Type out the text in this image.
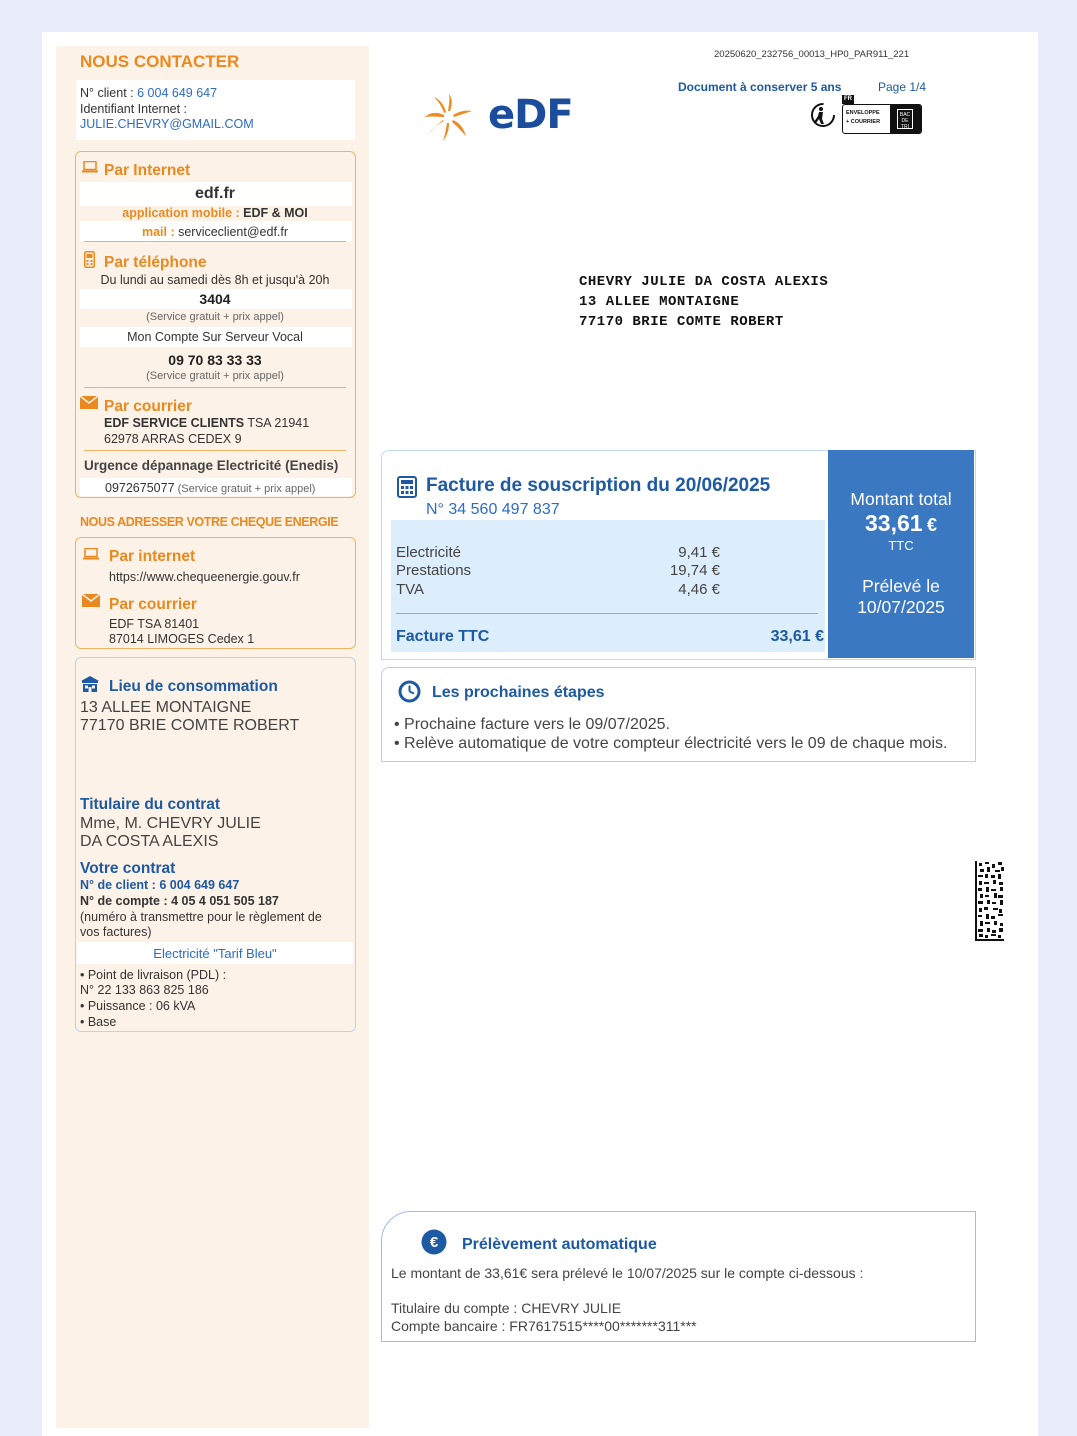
NOUS CONTACTER
N° client : 6 004 649 647
Identifiant Internet :
JULIE.CHEVRY@GMAIL.COM
Par Internet
edf.fr
application mobile : EDF & MOI
mail : serviceclient@edf.fr
Par téléphone
Du lundi au samedi dès 8h et jusqu'à 20h
3404
(Service gratuit + prix appel)
Mon Compte Sur Serveur Vocal
09 70 83 33 33
(Service gratuit + prix appel)
Par courrier
EDF SERVICE CLIENTS TSA 21941
62978 ARRAS CEDEX 9
Urgence dépannage Electricité (Enedis)
0972675077 (Service gratuit + prix appel)
NOUS ADRESSER VOTRE CHEQUE ENERGIE
Par internet
https://www.chequeenergie.gouv.fr
Par courrier
EDF TSA 81401
87014 LIMOGES Cedex 1
Lieu de consommation
13 ALLEE MONTAIGNE
77170 BRIE COMTE ROBERT
Titulaire du contrat
Mme, M. CHEVRY JULIE
DA COSTA ALEXIS
Votre contrat
N° de client : 6 004 649 647
N° de compte : 4 05 4 051 505 187
(numéro à transmettre pour le règlement de
vos factures)
Electricité "Tarif Bleu"
• Point de livraison (PDL) :
N° 22 133 863 825 186
• Puissance : 06 kVA
• Base
20250620_232756_00013_HP0_PAR911_221
Document à conserver 5 ans	Page 1/4
eDF	FR
ENVELOPPE
+ COURRIER
BAC DE TRI
CHEVRY JULIE DA COSTA ALEXIS
13 ALLEE MONTAIGNE
77170 BRIE COMTE ROBERT
Facture de souscription du 20/06/2025
N° 34 560 497 837
Electricité	9,41 €
Prestations	19,74 €
TVA	4,46 €
Facture TTC	33,61 €
Montant total
33,61 €
TTC
Prélevé le
10/07/2025
Les prochaines étapes
• Prochaine facture vers le 09/07/2025.
• Relève automatique de votre compteur électricité vers le 09 de chaque mois.
€ Prélèvement automatique
Le montant de 33,61€ sera prélevé le 10/07/2025 sur le compte ci-dessous :
Titulaire du compte : CHEVRY JULIE
Compte bancaire : FR7617515****00*******311***
